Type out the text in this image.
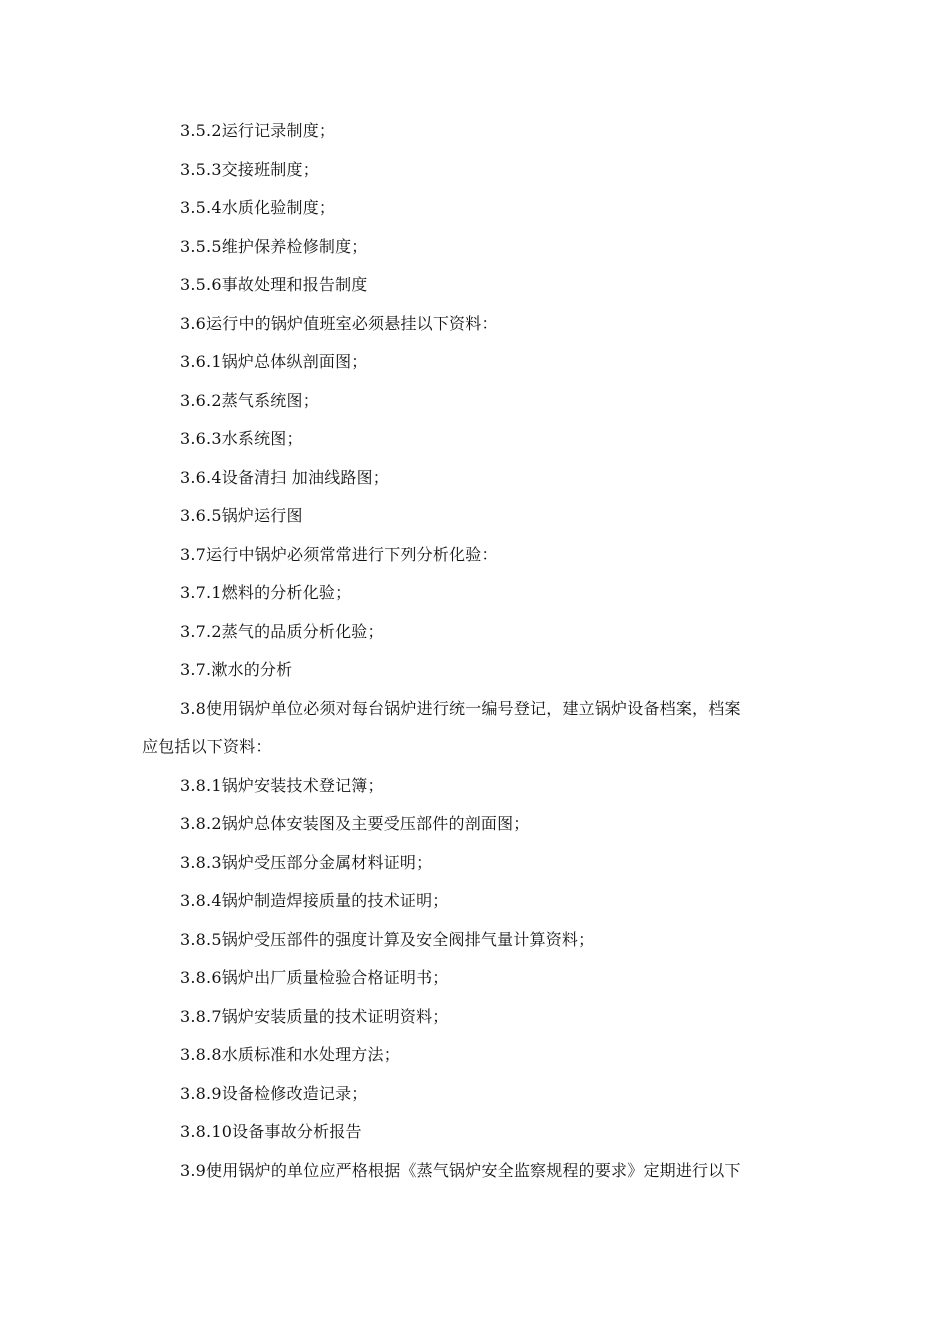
3.5.2运行记录制度；
3.5.3交接班制度；
3.5.4水质化验制度；
3.5.5维护保养检修制度；
3.5.6事故处理和报告制度
3.6运行中的锅炉值班室必须悬挂以下资料：
3.6.1锅炉总体纵剖面图；
3.6.2蒸气系统图；
3.6.3水系统图；
3.6.4设备清扫 加油线路图；
3.6.5锅炉运行图
3.7运行中锅炉必须常常进行下列分析化验：
3.7.1燃料的分析化验；
3.7.2蒸气的品质分析化验；
3.7.漱水的分析
3.8使用锅炉单位必须对每台锅炉进行统一编号登记，建立锅炉设备档案，档案
应包括以下资料：
3.8.1锅炉安装技术登记簿；
3.8.2锅炉总体安装图及主要受压部件的剖面图；
3.8.3锅炉受压部分金属材料证明；
3.8.4锅炉制造焊接质量的技术证明；
3.8.5锅炉受压部件的强度计算及安全阀排气量计算资料；
3.8.6锅炉出厂质量检验合格证明书；
3.8.7锅炉安装质量的技术证明资料；
3.8.8水质标准和水处理方法；
3.8.9设备检修改造记录；
3.8.10设备事故分析报告
3.9使用锅炉的单位应严格根据《蒸气锅炉安全监察规程的要求》定期进行以下
